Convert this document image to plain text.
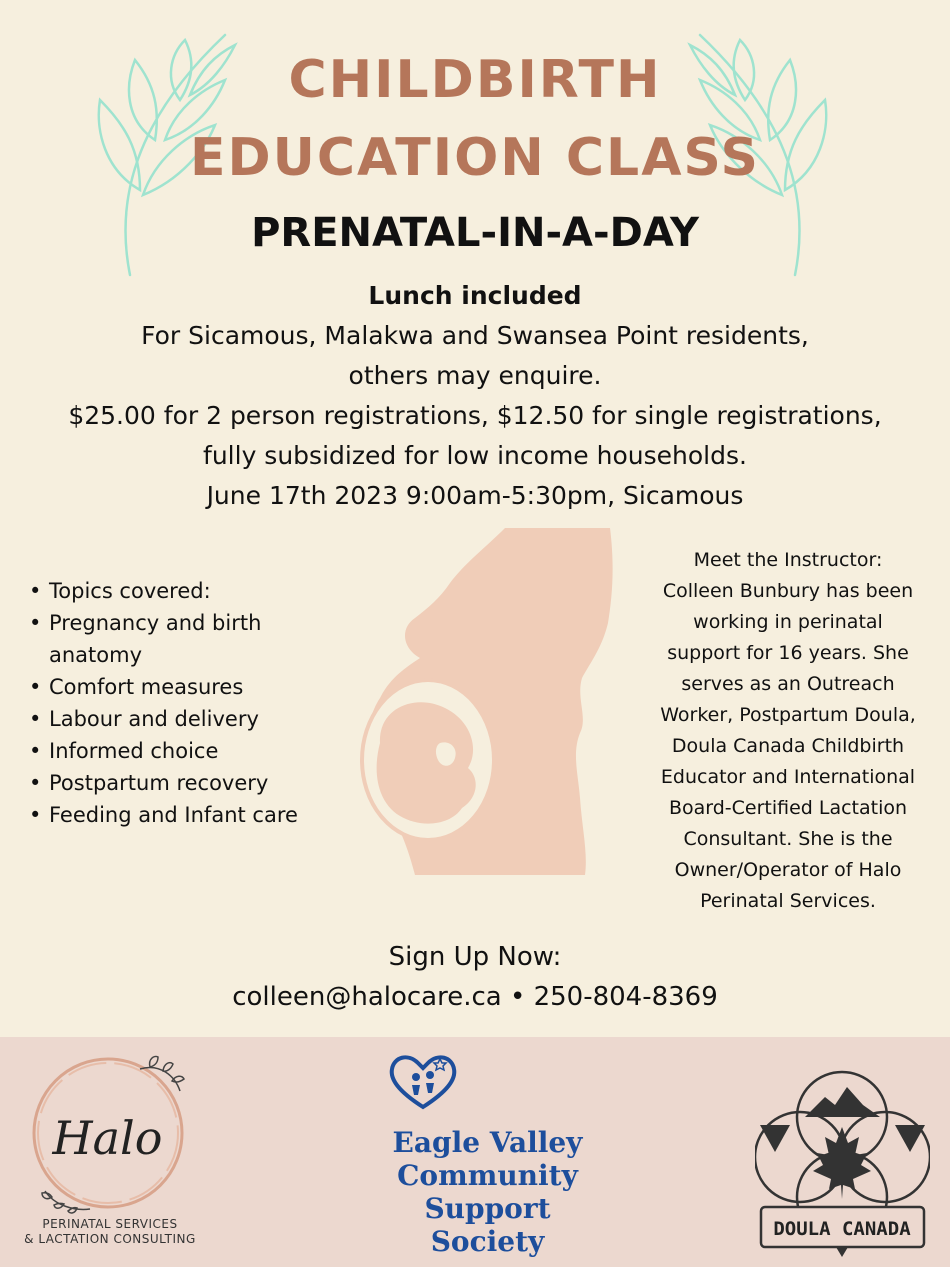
CHILDBIRTH
EDUCATION CLASS
PRENATAL-IN-A-DAY
Lunch included
For Sicamous, Malakwa and Swansea Point residents,
others may enquire.
$25.00 for 2 person registrations, $12.50 for single registrations,
fully subsidized for low income households.
June 17th 2023 9:00am-5:30pm, Sicamous
• Topics covered:
• Pregnancy and birth anatomy
• Comfort measures
• Labour and delivery
• Informed choice
• Postpartum recovery
• Feeding and Infant care
Meet the Instructor:
Colleen Bunbury has been
working in perinatal
support for 16 years. She
serves as an Outreach
Worker, Postpartum Doula,
Doula Canada Childbirth
Educator and International
Board-Certified Lactation
Consultant. She is the
Owner/Operator of Halo
Perinatal Services.
Sign Up Now:
colleen@halocare.ca • 250-804-8369
Halo
PERINATAL SERVICES
& LACTATION CONSULTING
Eagle Valley
Community
Support
Society	DOULA CANADA
